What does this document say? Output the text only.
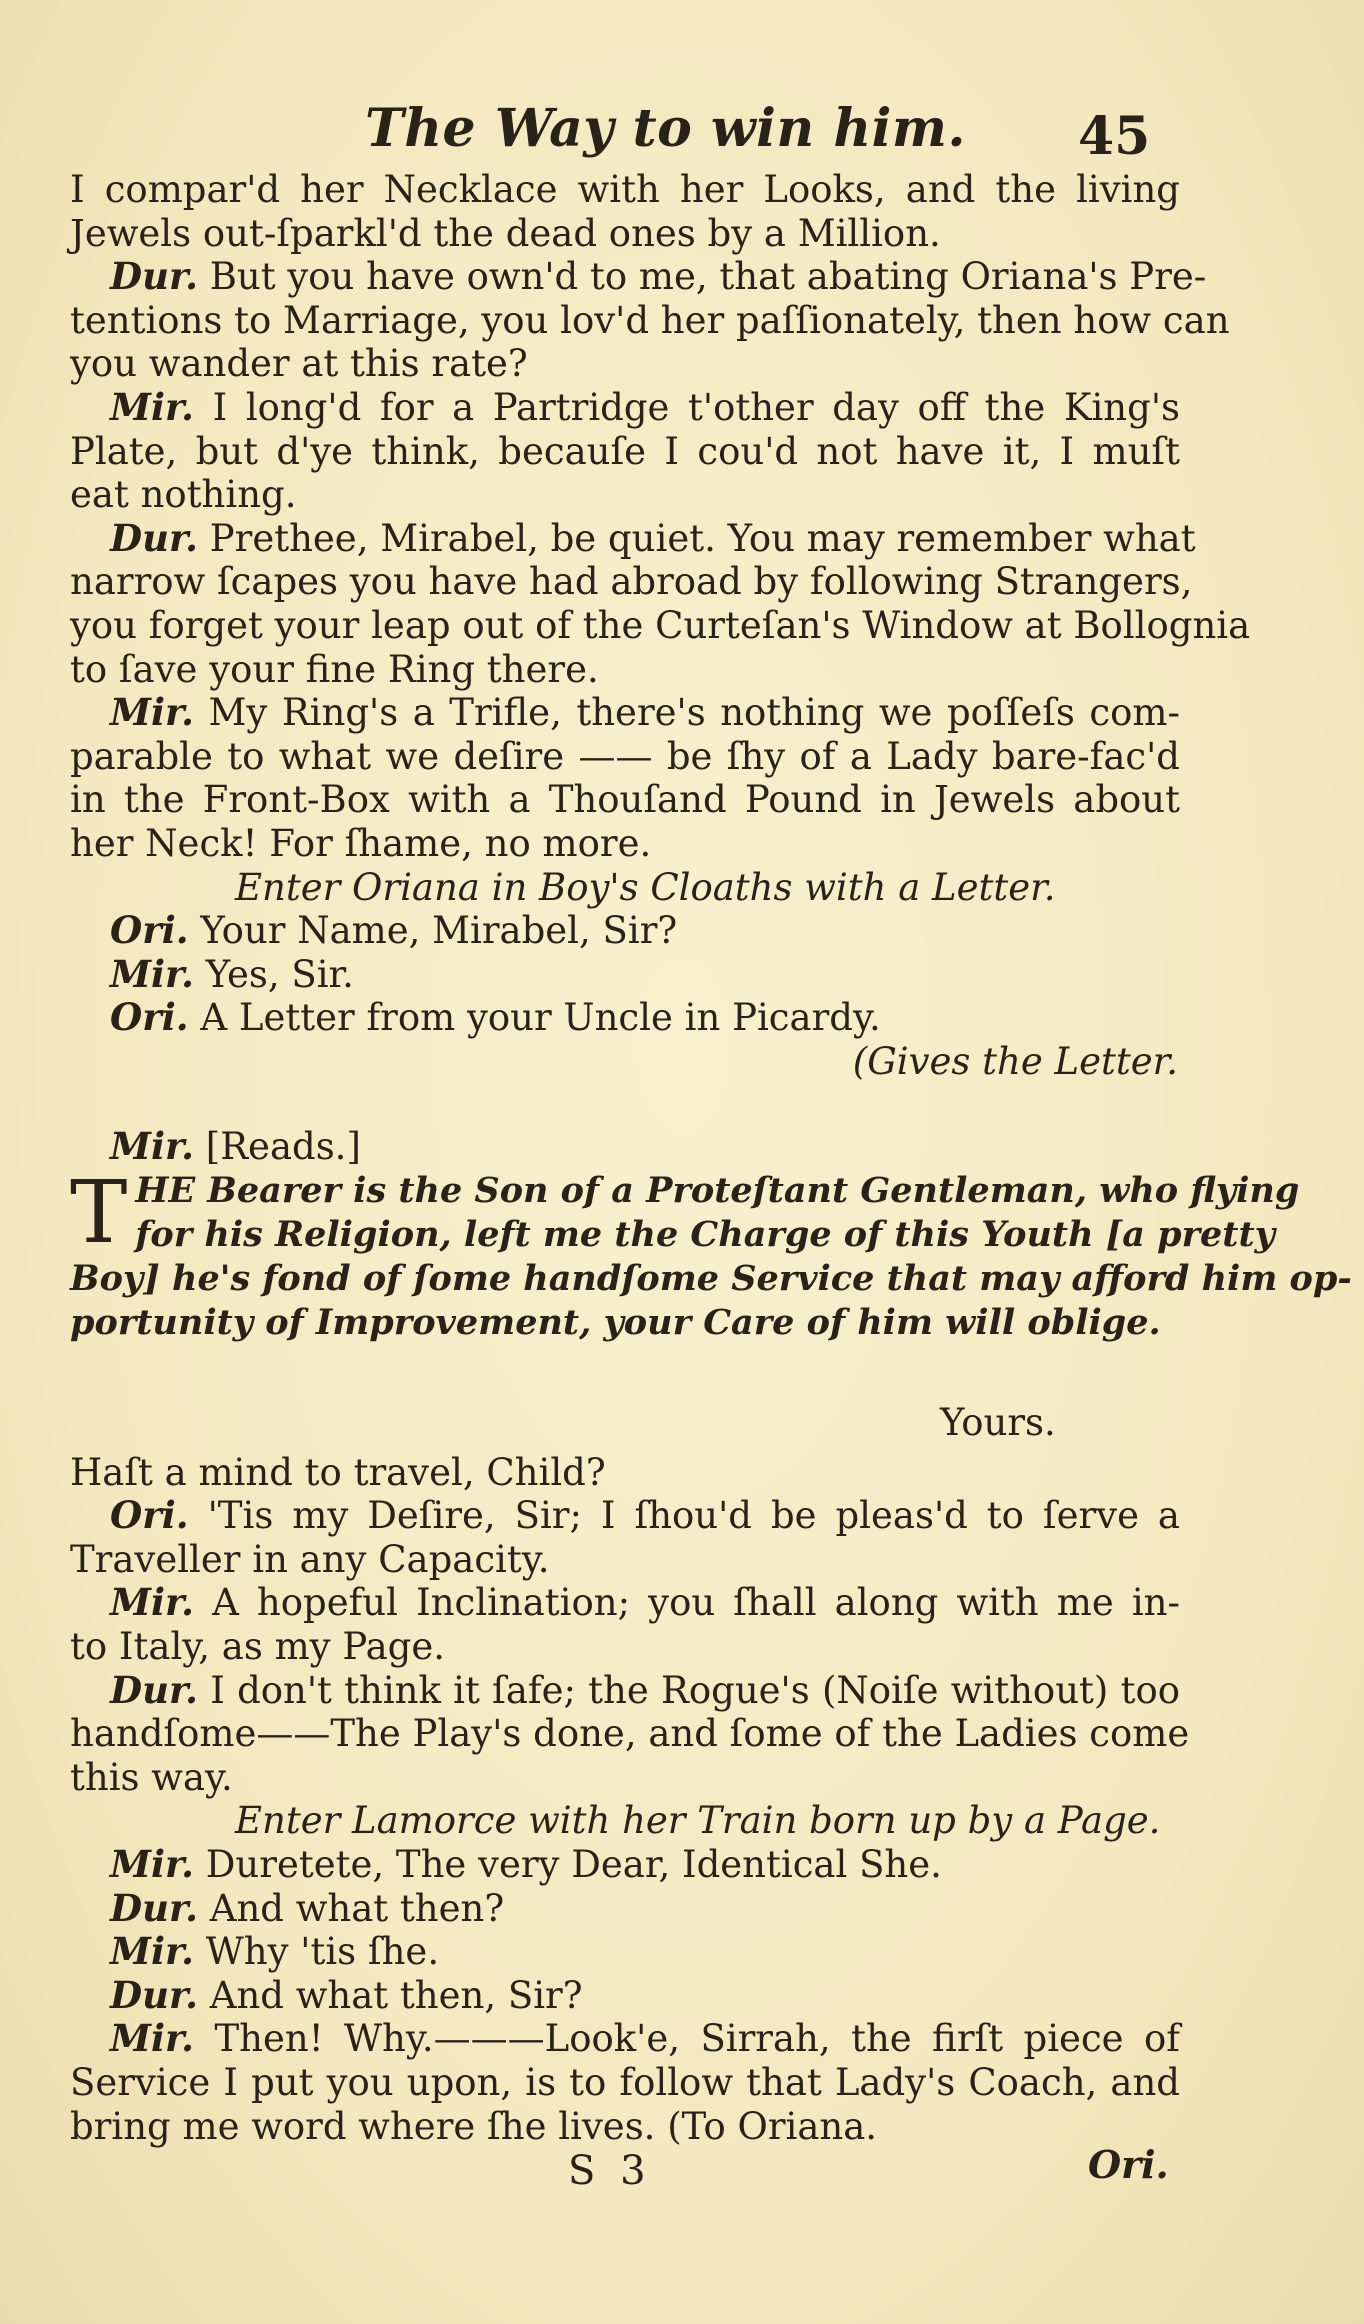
The Way to win him. 45
I compar'd her Necklace with her Looks, and the living
Jewels out-ſparkl'd the dead ones by a Million.
Dur. But you have own'd to me, that abating Oriana's Pre-
tentions to Marriage, you lov'd her paſſionately, then how can
you wander at this rate?
Mir. I long'd for a Partridge t'other day off the King's
Plate, but d'ye think, becauſe I cou'd not have it, I muſt
eat nothing.
Dur. Prethee, Mirabel, be quiet. You may remember what
narrow ſcapes you have had abroad by following Strangers,
you forget your leap out of the Curteſan's Window at Bollognia
to ſave your fine Ring there.
Mir. My Ring's a Trifle, there's nothing we poſſeſs com-
parable to what we deſire —— be ſhy of a Lady bare-fac'd
in the Front-Box with a Thouſand Pound in Jewels about
her Neck! For ſhame, no more.
Enter Oriana in Boy's Cloaths with a Letter.
Ori. Your Name, Mirabel, Sir?
Mir. Yes, Sir.
Ori. A Letter from your Uncle in Picardy.
(Gives the Letter.
Mir. [Reads.]
T HE Bearer is the Son of a Proteſtant Gentleman, who flying
for his Religion, left me the Charge of this Youth [a pretty
Boy] he's fond of ſome handſome Service that may afford him op-
portunity of Improvement, your Care of him will oblige.
Yours.
Haſt a mind to travel, Child?
Ori. 'Tis my Deſire, Sir; I ſhou'd be pleas'd to ſerve a
Traveller in any Capacity.
Mir. A hopeful Inclination; you ſhall along with me in-
to Italy, as my Page.
Dur. I don't think it ſafe; the Rogue's (Noiſe without) too
handſome——The Play's done, and ſome of the Ladies come
this way.
Enter Lamorce with her Train born up by a Page.
Mir. Duretete, The very Dear, Identical She.
Dur. And what then?
Mir. Why 'tis ſhe.
Dur. And what then, Sir?
Mir. Then! Why.———Look'e, Sirrah, the firſt piece of
Service I put you upon, is to follow that Lady's Coach, and
bring me word where ſhe lives. (To Oriana.
S 3	Ori.
